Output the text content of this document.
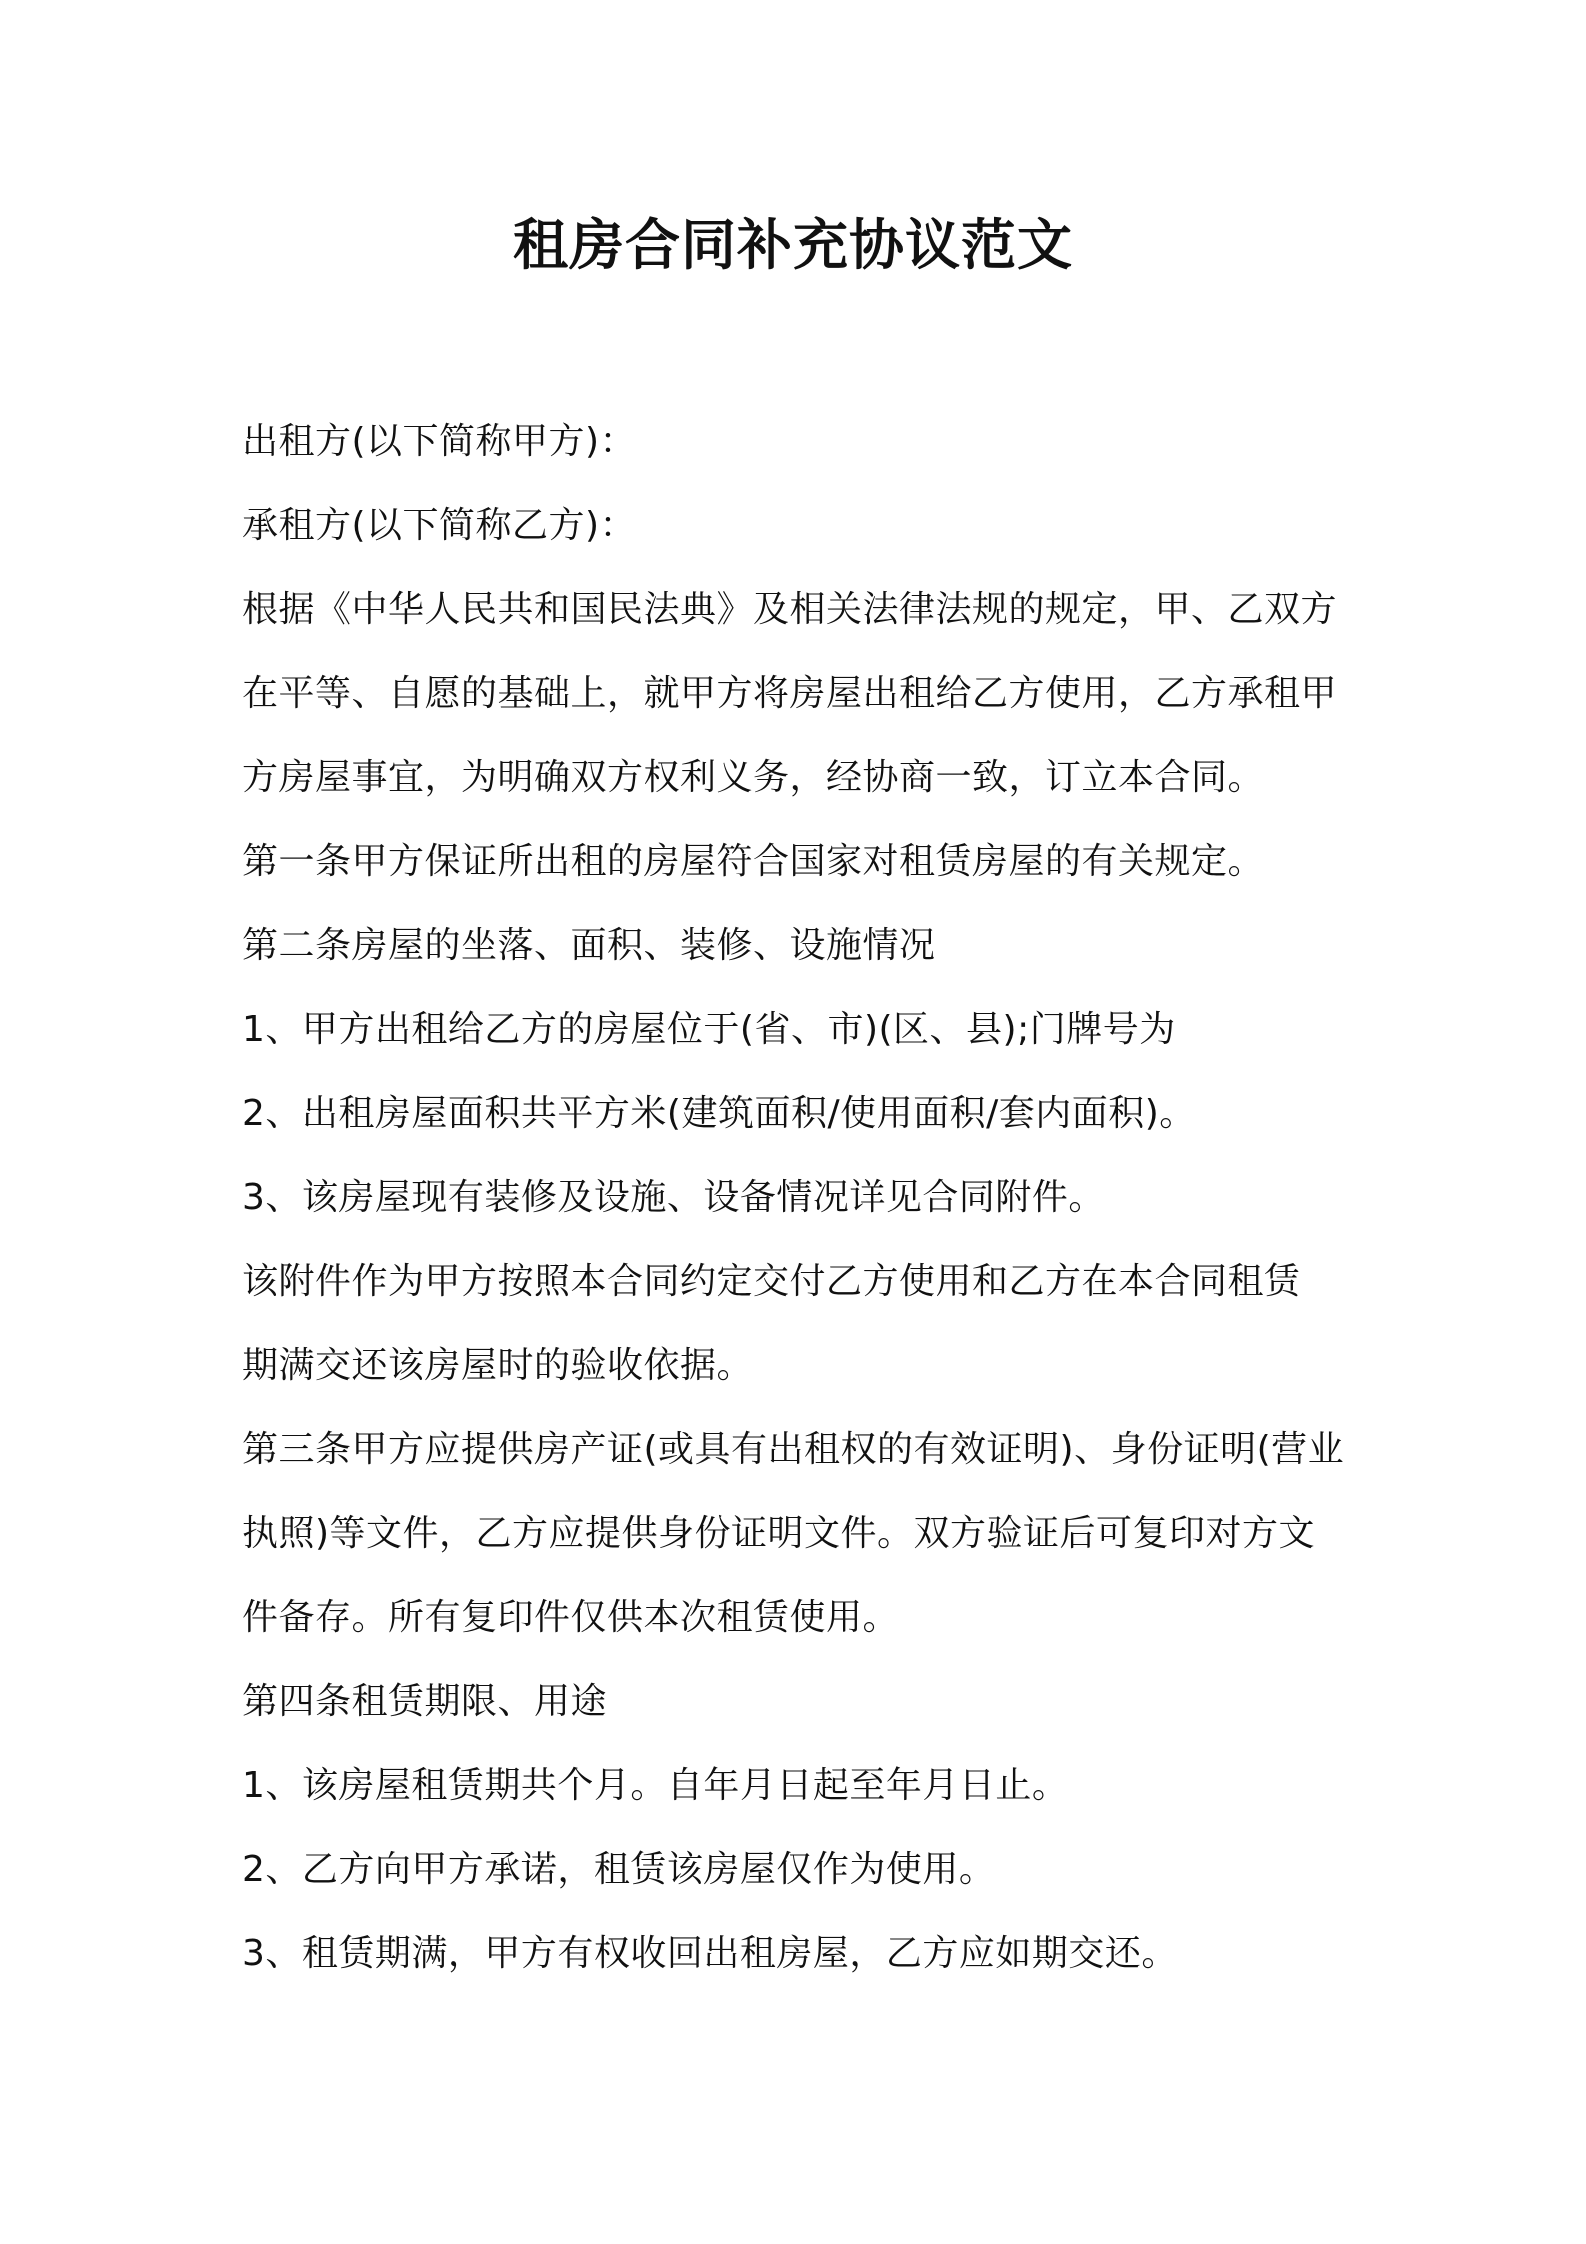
租房合同补充协议范文

出租方(以下简称甲方)：

承租方(以下简称乙方)：

根据《中华人民共和国民法典》及相关法律法规的规定，甲、乙双方

在平等、自愿的基础上，就甲方将房屋出租给乙方使用，乙方承租甲

方房屋事宜，为明确双方权利义务，经协商一致，订立本合同。

第一条甲方保证所出租的房屋符合国家对租赁房屋的有关规定。

第二条房屋的坐落、面积、装修、设施情况

1、甲方出租给乙方的房屋位于(省、市)(区、县);门牌号为

2、出租房屋面积共平方米(建筑面积/使用面积/套内面积)。

3、该房屋现有装修及设施、设备情况详见合同附件。

该附件作为甲方按照本合同约定交付乙方使用和乙方在本合同租赁

期满交还该房屋时的验收依据。

第三条甲方应提供房产证(或具有出租权的有效证明)、身份证明(营业

执照)等文件，乙方应提供身份证明文件。双方验证后可复印对方文

件备存。所有复印件仅供本次租赁使用。

第四条租赁期限、用途

1、该房屋租赁期共个月。自年月日起至年月日止。

2、乙方向甲方承诺，租赁该房屋仅作为使用。

3、租赁期满，甲方有权收回出租房屋，乙方应如期交还。
